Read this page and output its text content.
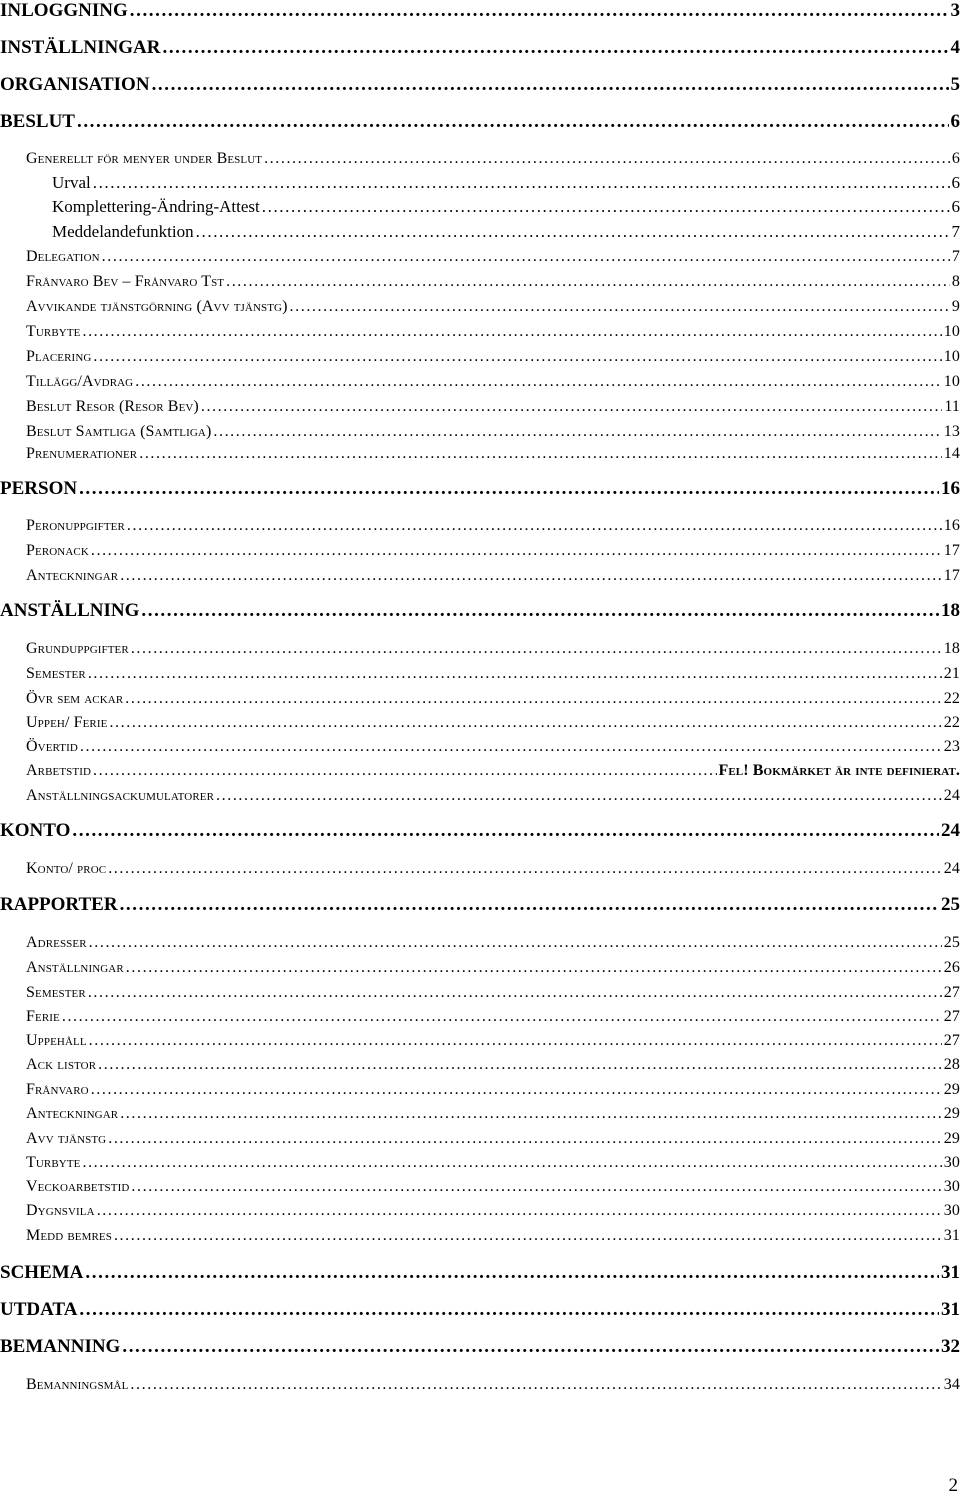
INLOGGNING .....	3
INSTÄLLNINGAR .....	4
ORGANISATION .....	5
BESLUT .....	6
Generellt för menyer under Beslut .....	6
Urval .....	6
Komplettering-Ändring-Attest .....	6
Meddelandefunktion .....	7
Delegation .....	7
Frånvaro Bev – Frånvaro Tst .....	8
Avvikande tjänstgörning (Avv tjänstg) .....	9
Turbyte .....	10
Placering .....	10
Tillägg/Avdrag .....	10
Beslut Resor (Resor Bev) .....	11
Beslut Samtliga (Samtliga) .....	13
Prenumerationer .....	14
PERSON .....	16
Peronuppgifter .....	16
Peronack .....	17
Anteckningar .....	17
ANSTÄLLNING .....	18
Grunduppgifter .....	18
Semester .....	21
Övr sem ackar .....	22
Uppeh/ Ferie .....	22
Övertid .....	23
Arbetstid .....	Fel! Bokmärket är inte definierat.
Anställningsackumulatorer .....	24
KONTO .....	24
Konto/ proc .....	24
RAPPORTER .....	25
Adresser .....	25
Anställningar .....	26
Semester .....	27
Ferie .....	27
Uppehåll .....	27
Ack listor .....	28
Frånvaro .....	29
Anteckningar .....	29
Avv tjänstg .....	29
Turbyte .....	30
Veckoarbetstid .....	30
Dygnsvila .....	30
Medd bemres .....	31
SCHEMA .....	31
UTDATA .....	31
BEMANNING .....	32
Bemanningsmål .....	34
2
